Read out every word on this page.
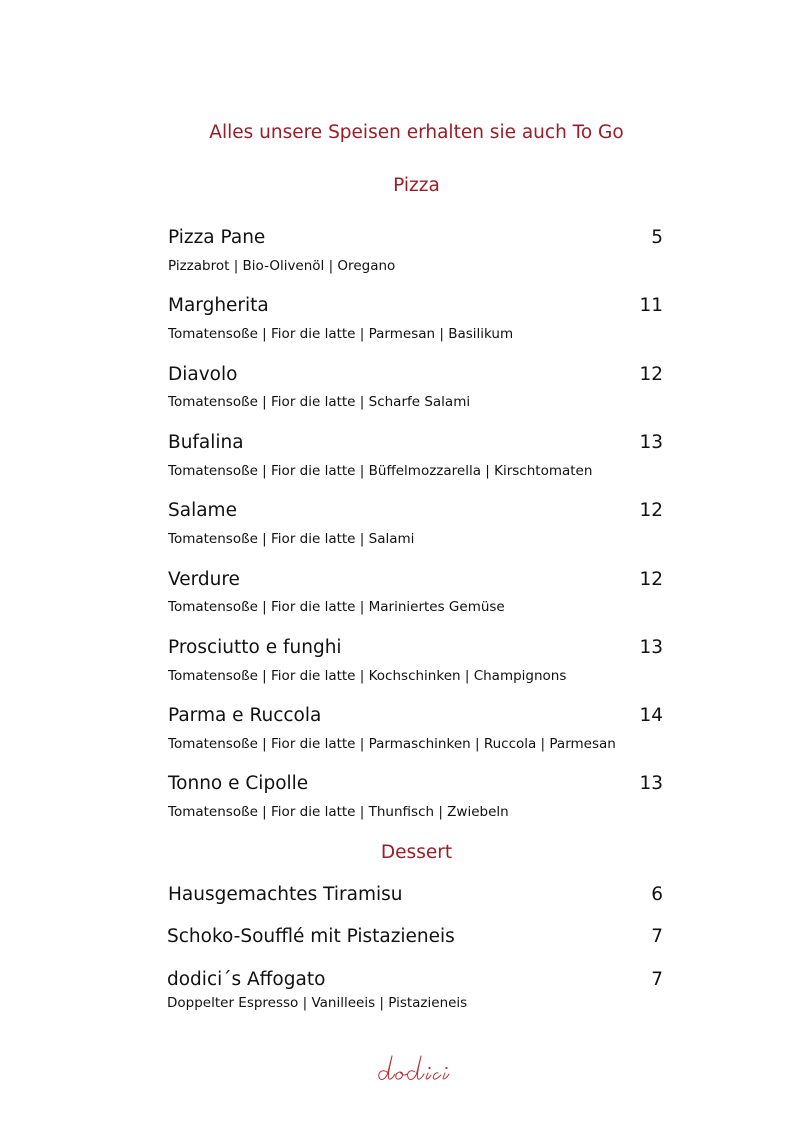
Alles unsere Speisen erhalten sie auch To Go
Pizza
Pizza Pane	5
Pizzabrot | Bio-Olivenöl | Oregano
Margherita	11
Tomatensoße | Fior die latte | Parmesan | Basilikum
Diavolo	12
Tomatensoße | Fior die latte | Scharfe Salami
Bufalina	13
Tomatensoße | Fior die latte | Büffelmozzarella | Kirschtomaten
Salame	12
Tomatensoße | Fior die latte | Salami
Verdure	12
Tomatensoße | Fior die latte | Mariniertes Gemüse
Prosciutto e funghi	13
Tomatensoße | Fior die latte | Kochschinken | Champignons
Parma e Ruccola	14
Tomatensoße | Fior die latte | Parmaschinken | Ruccola | Parmesan
Tonno e Cipolle	13
Tomatensoße | Fior die latte | Thunfisch | Zwiebeln
Dessert
Hausgemachtes Tiramisu	6
Schoko-Soufflé mit Pistazieneis	7
dodici´s Affogato	7
Doppelter Espresso | Vanilleeis | Pistazieneis
